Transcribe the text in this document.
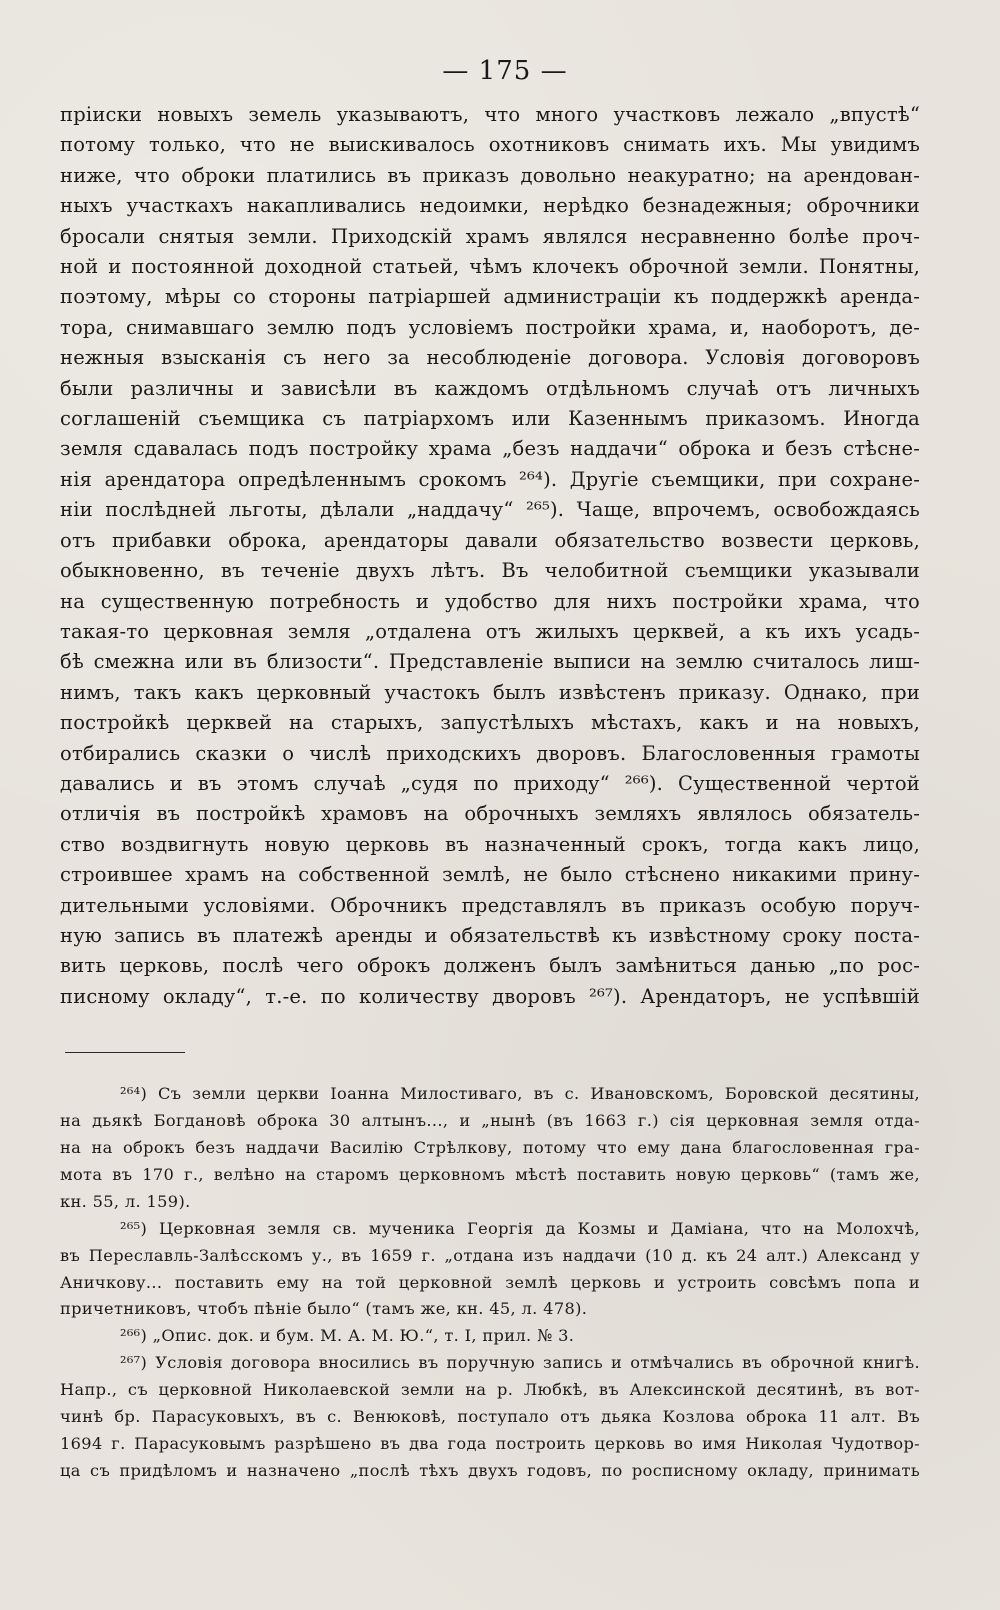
— 175 —
пріиски новыхъ земель указываютъ, что много участковъ лежало „впустѣ“
потому только, что не выискивалось охотниковъ снимать ихъ. Мы увидимъ
ниже, что оброки платились въ приказъ довольно неакуратно; на арендован-
ныхъ участкахъ накапливались недоимки, нерѣдко безнадежныя; оброчники
бросали снятыя земли. Приходскій храмъ являлся несравненно болѣе проч-
ной и постоянной доходной статьей, чѣмъ клочекъ оброчной земли. Понятны,
поэтому, мѣры со стороны патріаршей администраціи къ поддержкѣ аренда-
тора, снимавшаго землю подъ условіемъ постройки храма, и, наоборотъ, де-
нежныя взысканія съ него за несоблюденіе договора. Условія договоровъ
были различны и зависѣли въ каждомъ отдѣльномъ случаѣ отъ личныхъ
соглашеній съемщика съ патріархомъ или Казеннымъ приказомъ. Иногда
земля сдавалась подъ постройку храма „безъ наддачи“ оброка и безъ стѣсне-
нія арендатора опредѣленнымъ срокомъ ²⁶⁴). Другіе съемщики, при сохране-
ніи послѣдней льготы, дѣлали „наддачу“ ²⁶⁵). Чаще, впрочемъ, освобождаясь
отъ прибавки оброка, арендаторы давали обязательство возвести церковь,
обыкновенно, въ теченіе двухъ лѣтъ. Въ челобитной съемщики указывали
на существенную потребность и удобство для нихъ постройки храма, что
такая-то церковная земля „отдалена отъ жилыхъ церквей, а къ ихъ усадь-
бѣ смежна или въ близости“. Представленіе выписи на землю считалось лиш-
нимъ, такъ какъ церковный участокъ былъ извѣстенъ приказу. Однако, при
постройкѣ церквей на старыхъ, запустѣлыхъ мѣстахъ, какъ и на новыхъ,
отбирались сказки о числѣ приходскихъ дворовъ. Благословенныя грамоты
давались и въ этомъ случаѣ „судя по приходу“ ²⁶⁶). Существенной чертой
отличія въ постройкѣ храмовъ на оброчныхъ земляхъ являлось обязатель-
ство воздвигнуть новую церковь въ назначенный срокъ, тогда какъ лицо,
строившее храмъ на собственной землѣ, не было стѣснено никакими прину-
дительными условіями. Оброчникъ представлялъ въ приказъ особую поруч-
ную запись въ платежѣ аренды и обязательствѣ къ извѣстному сроку поста-
вить церковь, послѣ чего оброкъ долженъ былъ замѣниться данью „по рос-
писному окладу“, т.-е. по количеству дворовъ ²⁶⁷). Арендаторъ, не успѣвшій
²⁶⁴) Съ земли церкви Іоанна Милостиваго, въ с. Ивановскомъ, Боровской десятины,
на дьякѣ Богдановѣ оброка 30 алтынъ..., и „нынѣ (въ 1663 г.) сія церковная земля отда-
на на оброкъ безъ наддачи Василію Стрѣлкову, потому что ему дана благословенная гра-
мота въ 170 г., велѣно на старомъ церковномъ мѣстѣ поставить новую церковь“ (тамъ же,
кн. 55, л. 159).
²⁶⁵) Церковная земля св. мученика Георгія да Козмы и Даміана, что на Молохчѣ,
въ Переславль-Залѣсскомъ у., въ 1659 г. „отдана изъ наддачи (10 д. къ 24 алт.) Александ у
Аничкову... поставить ему на той церковной землѣ церковь и устроить совсѣмъ попа и
причетниковъ, чтобъ пѣніе было“ (тамъ же, кн. 45, л. 478).
²⁶⁶) „Опис. док. и бум. М. А. М. Ю.“, т. I, прил. № 3.
²⁶⁷) Условія договора вносились въ поручную запись и отмѣчались въ оброчной книгѣ.
Напр., съ церковной Николаевской земли на р. Любкѣ, въ Алексинской десятинѣ, въ вот-
чинѣ бр. Парасуковыхъ, въ с. Венюковѣ, поступало отъ дьяка Козлова оброка 11 алт. Въ
1694 г. Парасуковымъ разрѣшено въ два года построить церковь во имя Николая Чудотвор-
ца съ придѣломъ и назначено „послѣ тѣхъ двухъ годовъ, по росписному окладу, принимать
